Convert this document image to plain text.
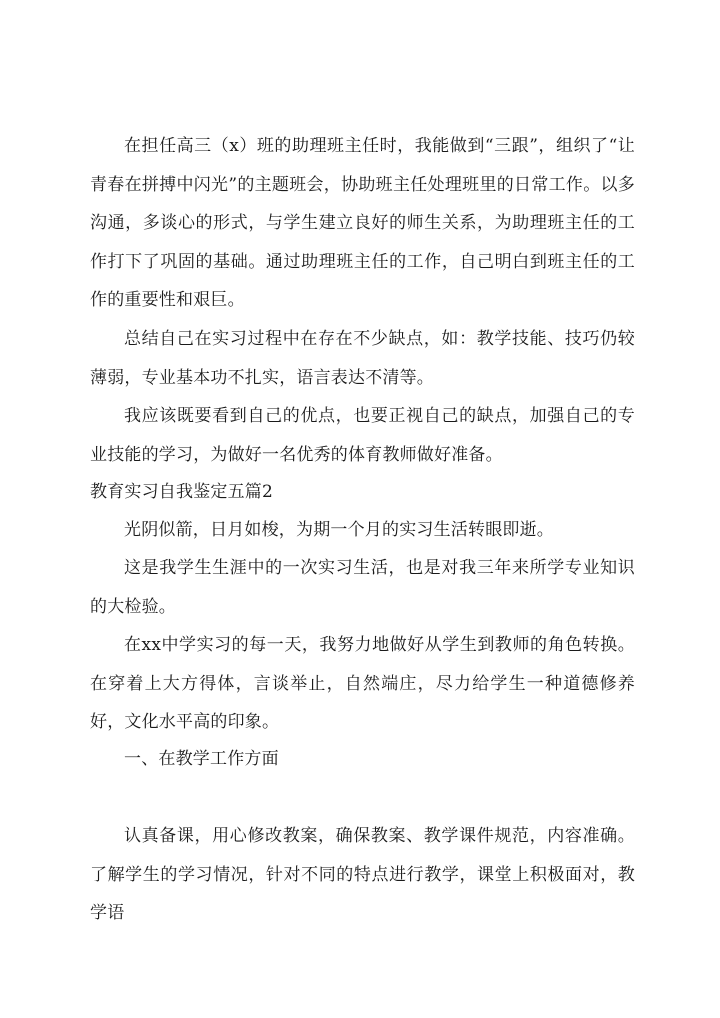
在担任高三（x）班的助理班主任时，我能做到“三跟”，组织了“让青春在拼搏中闪光”的主题班会，协助班主任处理班里的日常工作。以多沟通，多谈心的形式，与学生建立良好的师生关系，为助理班主任的工作打下了巩固的基础。通过助理班主任的工作，自己明白到班主任的工作的重要性和艰巨。

总结自己在实习过程中在存在不少缺点，如：教学技能、技巧仍较薄弱，专业基本功不扎实，语言表达不清等。

我应该既要看到自己的优点，也要正视自己的缺点，加强自己的专业技能的学习，为做好一名优秀的体育教师做好准备。

教育实习自我鉴定五篇2

光阴似箭，日月如梭，为期一个月的实习生活转眼即逝。

这是我学生生涯中的一次实习生活，也是对我三年来所学专业知识的大检验。

在xx中学实习的每一天，我努力地做好从学生到教师的角色转换。在穿着上大方得体，言谈举止，自然端庄，尽力给学生一种道德修养好，文化水平高的印象。

一、在教学工作方面

认真备课，用心修改教案，确保教案、教学课件规范，内容准确。了解学生的学习情况，针对不同的特点进行教学，课堂上积极面对，教学语
